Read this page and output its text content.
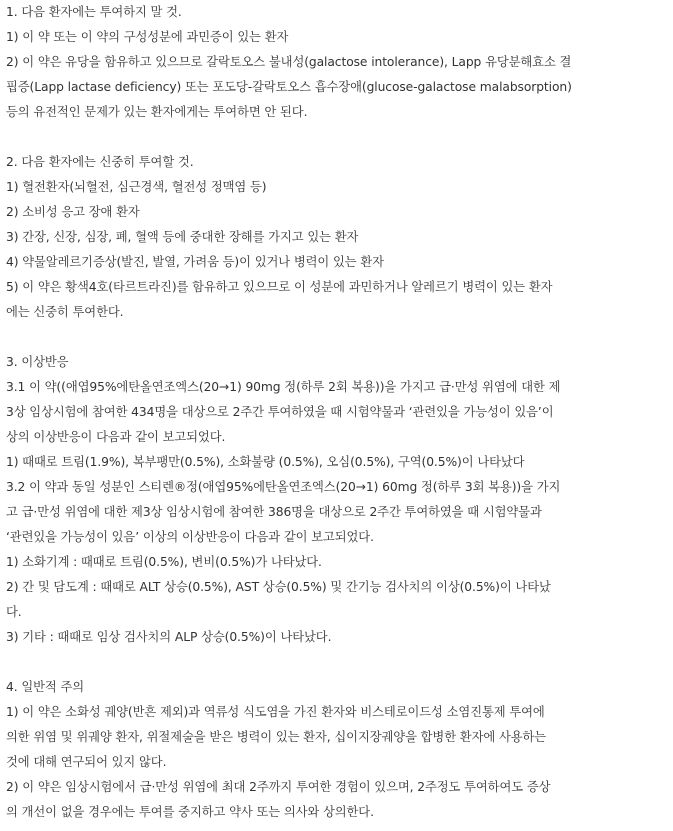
1. 다음 환자에는 투여하지 말 것.
1) 이 약 또는 이 약의 구성성분에 과민증이 있는 환자
2) 이 약은 유당을 함유하고 있으므로 갈락토오스 불내성(galactose intolerance), Lapp 유당분해효소 결
핍증(Lapp lactase deficiency) 또는 포도당-갈락토오스 흡수장애(glucose-galactose malabsorption)
등의 유전적인 문제가 있는 환자에게는 투여하면 안 된다.
2. 다음 환자에는 신중히 투여할 것.
1) 혈전환자(뇌혈전, 심근경색, 혈전성 정맥염 등)
2) 소비성 응고 장애 환자
3) 간장, 신장, 심장, 폐, 혈액 등에 중대한 장해를 가지고 있는 환자
4) 약물알레르기증상(발진, 발열, 가려움 등)이 있거나 병력이 있는 환자
5) 이 약은 황색4호(타르트라진)를 함유하고 있으므로 이 성분에 과민하거나 알레르기 병력이 있는 환자
에는 신중히 투여한다.
3. 이상반응
3.1 이 약((애엽95%에탄올연조엑스(20→1) 90mg 정(하루 2회 복용))을 가지고 급·만성 위염에 대한 제
3상 임상시험에 참여한 434명을 대상으로 2주간 투여하였을 때 시험약물과 ‘관련있을 가능성이 있음’이
상의 이상반응이 다음과 같이 보고되었다.
1) 때때로 트림(1.9%), 복부팽만(0.5%), 소화불량 (0.5%), 오심(0.5%), 구역(0.5%)이 나타났다
3.2 이 약과 동일 성분인 스티렌®정(애엽95%에탄올연조엑스(20→1) 60mg 정(하루 3회 복용))을 가지
고 급·만성 위염에 대한 제3상 임상시험에 참여한 386명을 대상으로 2주간 투여하였을 때 시험약물과
‘관련있을 가능성이 있음’ 이상의 이상반응이 다음과 같이 보고되었다.
1) 소화기계 : 때때로 트림(0.5%), 변비(0.5%)가 나타났다.
2) 간 및 담도계 : 때때로 ALT 상승(0.5%), AST 상승(0.5%) 및 간기능 검사치의 이상(0.5%)이 나타났
다.
3) 기타 : 때때로 임상 검사치의 ALP 상승(0.5%)이 나타났다.
4. 일반적 주의
1) 이 약은 소화성 궤양(반흔 제외)과 역류성 식도염을 가진 환자와 비스테로이드성 소염진통제 투여에
의한 위염 및 위궤양 환자, 위절제술을 받은 병력이 있는 환자, 십이지장궤양을 합병한 환자에 사용하는
것에 대해 연구되어 있지 않다.
2) 이 약은 임상시험에서 급·만성 위염에 최대 2주까지 투여한 경험이 있으며, 2주정도 투여하여도 증상
의 개선이 없을 경우에는 투여를 중지하고 약사 또는 의사와 상의한다.
